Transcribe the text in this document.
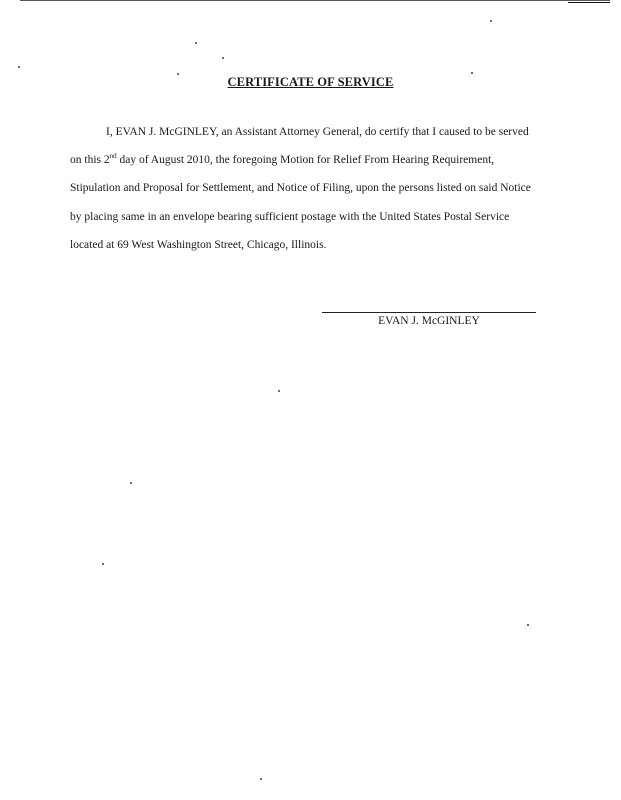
CERTIFICATE OF SERVICE

I, EVAN J. McGINLEY, an Assistant Attorney General, do certify that I caused to be served on this 2nd day of August 2010, the foregoing Motion for Relief From Hearing Requirement, Stipulation and Proposal for Settlement, and Notice of Filing, upon the persons listed on said Notice by placing same in an envelope bearing sufficient postage with the United States Postal Service located at 69 West Washington Street, Chicago, Illinois.

EVAN J. McGINLEY
